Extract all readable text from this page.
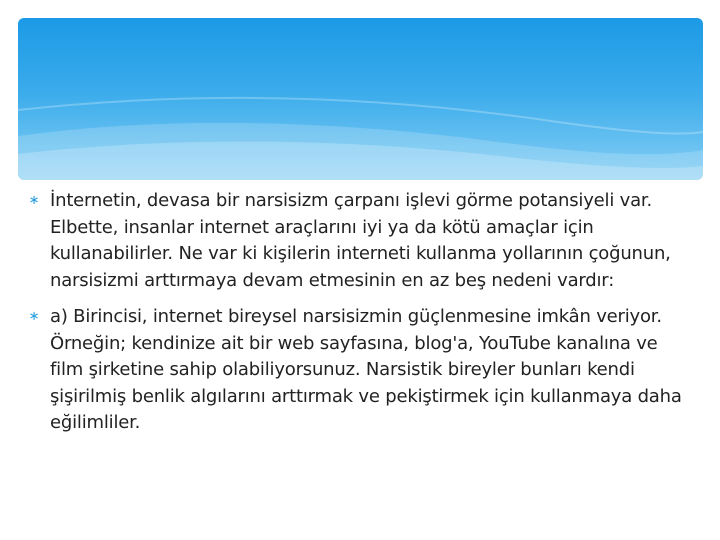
∗ İnternetin, devasa bir narsisizm çarpanı işlevi görme potansiyeli var. Elbette, insanlar internet araçlarını iyi ya da kötü amaçlar için kullanabilirler. Ne var ki kişilerin interneti kullanma yollarının çoğunun, narsisizmi arttırmaya devam etmesinin en az beş nedeni vardır:
∗ a) Birincisi, internet bireysel narsisizmin güçlenmesine imkân veriyor. Örneğin; kendinize ait bir web sayfasına, blog'a, YouTube kanalına ve film şirketine sahip olabiliyorsunuz. Narsistik bireyler bunları kendi şişirilmiş benlik algılarını arttırmak ve pekiştirmek için kullanmaya daha eğilimliler.
